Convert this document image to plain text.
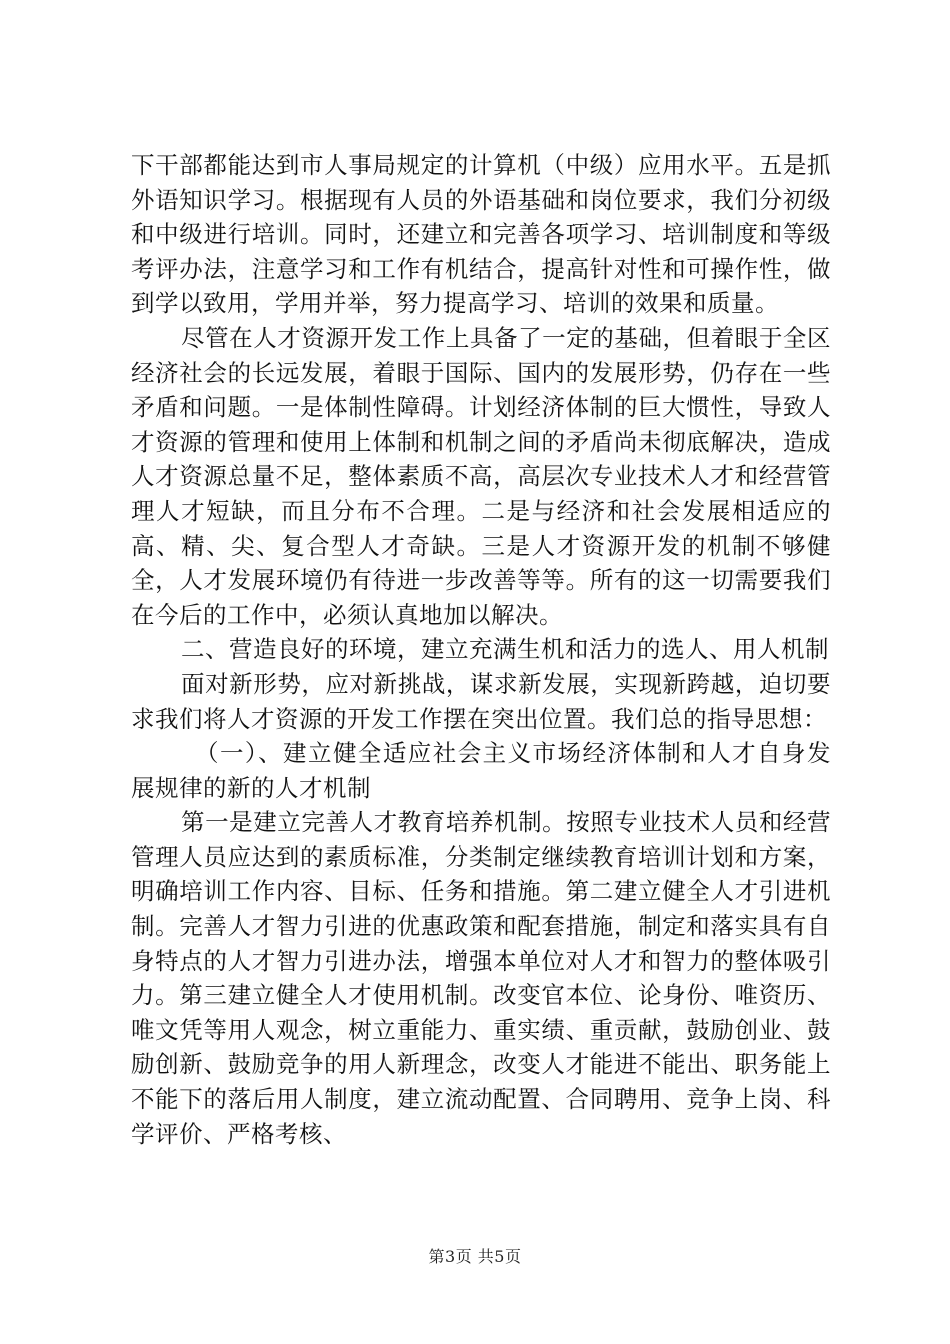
下干部都能达到市人事局规定的计算机（中级）应用水平。五是抓外语知识学习。根据现有人员的外语基础和岗位要求，我们分初级和中级进行培训。同时，还建立和完善各项学习、培训制度和等级考评办法，注意学习和工作有机结合，提高针对性和可操作性，做到学以致用，学用并举，努力提高学习、培训的效果和质量。

尽管在人才资源开发工作上具备了一定的基础，但着眼于全区经济社会的长远发展，着眼于国际、国内的发展形势，仍存在一些矛盾和问题。一是体制性障碍。计划经济体制的巨大惯性，导致人才资源的管理和使用上体制和机制之间的矛盾尚未彻底解决，造成人才资源总量不足，整体素质不高，高层次专业技术人才和经营管理人才短缺，而且分布不合理。二是与经济和社会发展相适应的高、精、尖、复合型人才奇缺。三是人才资源开发的机制不够健全，人才发展环境仍有待进一步改善等等。所有的这一切需要我们在今后的工作中，必须认真地加以解决。

二、营造良好的环境，建立充满生机和活力的选人、用人机制

面对新形势，应对新挑战，谋求新发展，实现新跨越，迫切要求我们将人才资源的开发工作摆在突出位置。我们总的指导思想：

（一）、建立健全适应社会主义市场经济体制和人才自身发展规律的新的人才机制

第一是建立完善人才教育培养机制。按照专业技术人员和经营管理人员应达到的素质标准，分类制定继续教育培训计划和方案，明确培训工作内容、目标、任务和措施。第二建立健全人才引进机制。完善人才智力引进的优惠政策和配套措施，制定和落实具有自身特点的人才智力引进办法，增强本单位对人才和智力的整体吸引力。第三建立健全人才使用机制。改变官本位、论身份、唯资历、唯文凭等用人观念，树立重能力、重实绩、重贡献，鼓励创业、鼓励创新、鼓励竞争的用人新理念，改变人才能进不能出、职务能上不能下的落后用人制度，建立流动配置、合同聘用、竞争上岗、科学评价、严格考核、

第3页 共5页
